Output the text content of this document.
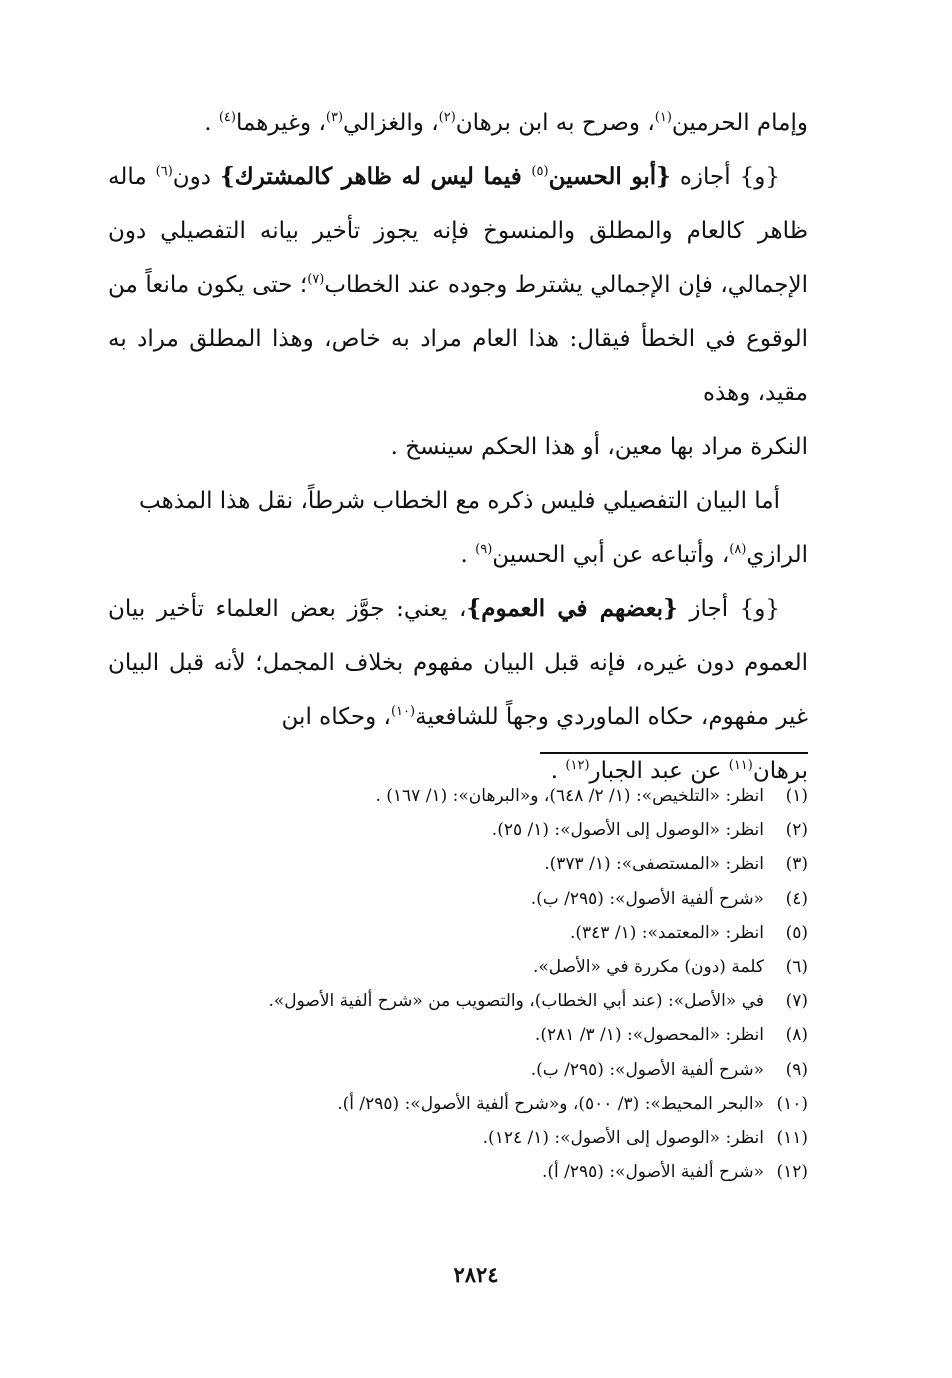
وإمام الحرمين$^{(١)}$، وصرح به ابن برهان$^{(٢)}$، والغزالي$^{(٣)}$، وغيرهما$^{(٤)}$ .

{و} أجازه {أبو الحسين$^{(٥)}$ فيما ليس له ظاهر كالمشترك} دون$^{(٦)}$ ماله ظاهر كالعام والمطلق والمنسوخ فإنه يجوز تأخير بيانه التفصيلي دون الإجمالي، فإن الإجمالي يشترط وجوده عند الخطاب$^{(٧)}$؛ حتى يكون مانعاً من الوقوع في الخطأ فيقال: هذا العام مراد به خاص، وهذا المطلق مراد به مقيد، وهذه

النكرة مراد بها معين، أو هذا الحكم سينسخ .

أما البيان التفصيلي فليس ذكره مع الخطاب شرطاً، نقل هذا المذهب

الرازي$^{(٨)}$، وأتباعه عن أبي الحسين$^{(٩)}$ .

{و} أجاز {بعضهم في العموم}، يعني: جوَّز بعض العلماء تأخير بيان العموم دون غيره، فإنه قبل البيان مفهوم بخلاف المجمل؛ لأنه قبل البيان غير مفهوم، حكاه الماوردي وجهاً للشافعية$^{(١٠)}$، وحكاه ابن

برهان$^{(١١)}$ عن عبد الجبار$^{(١٢)}$ .

(١)
انظر: «التلخيص»: (١/ ٢/ ٦٤٨)، و«البرهان»: (١/ ١٦٧) .
(٢)
انظر: «الوصول إلى الأصول»: (١/ ٢٥).
(٣)
انظر: «المستصفى»: (١/ ٣٧٣).
(٤)
«شرح ألفية الأصول»: (٢٩٥/ ب).
(٥)
انظر: «المعتمد»: (١/ ٣٤٣).
(٦)
كلمة (دون) مكررة في «الأصل».
(٧)
في «الأصل»: (عند أبي الخطاب)، والتصويب من «شرح ألفية الأصول».
(٨)
انظر: «المحصول»: (١/ ٣/ ٢٨١).
(٩)
«شرح ألفية الأصول»: (٢٩٥/ ب).
(١٠)
«البحر المحيط»: (٣/ ٥٠٠)، و«شرح ألفية الأصول»: (٢٩٥/ أ).
(١١)
انظر: «الوصول إلى الأصول»: (١/ ١٢٤).
(١٢)
«شرح ألفية الأصول»: (٢٩٥/ أ).
٢٨٢٤
